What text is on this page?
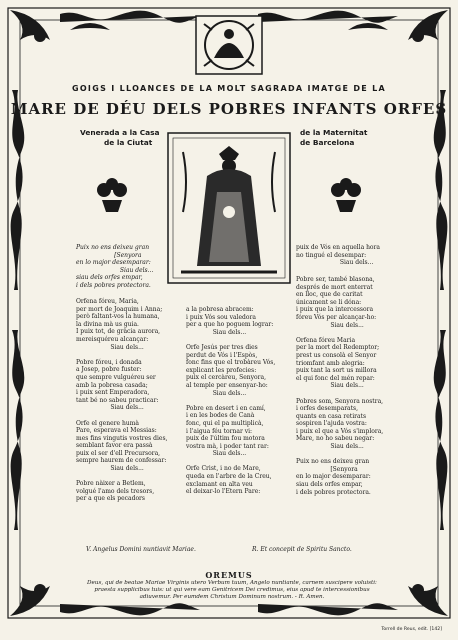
GOIGS I LLOANCES DE LA MOLT SAGRADA IMATGE DE LA
MARE DE DÉU DELS POBRES INFANTS ORFES
Venerada a la Casa
de la Ciutat
de la Maternitat
de Barcelona
Puix no ens deixeu gran
[Senyora
en lo major desemparar:
Siau dels...
siau dels orfes empar,
i dels pobres protectora.
puix de Vós en aquella hora
no tingué el desempar:
Siau dels...
Orfena fóreu, Maria,
per mort de Joaquim i Anna;
però faltant-vos la humana,
la divina mà us guia.
I puix tot, de gràcia aurora,
mereisquéreu alcançar:
Siau dels...

Pobre fóreu, i donada
a Josep, pobre fuster:
que sempre vulguéreu ser
amb la pobresa casada;
i puix sent Emperadora,
tant bé no sabeu practicar:
Siau dels...

Orfe el genere humà
Pare, esperava el Messias:
mes fins vingutis vostres dies,
semblant favor era passà
puix el ser d'ell Precursora,
sempre haurem de confessar:
Siau dels...

Pobre nàixer a Betlem,
volgué l'amo dels tresors,
per a que els pecadors
a la pobresa abracem:
i puix Vós sou valedora
per a que ho poguem lograr:
Siau dels...

Orfe Jesús per tres dies
perdut de Vós i l'Espòs,
fonc fins que el trobàreu Vós,
explicant les profecies:
puix el cercàreu, Senyora,
al temple per ensenyar-ho:
Siau dels...

Pobre en desert i en camí,
i en les bodes de Canà
fonc, qui el pa multiplicà,
i l'aigua féu tornar vi:
puix de l'últim fou motora
vostra mà, i poder tant rar:
Siau dels...

Orfe Crist, i no de Mare,
queda en l'arbre de la Creu,
exclamant en alta veu
el deixar-lo l'Etern Pare:
Pobre ser, també blasona,
després de mort enterrat
en lloc, que de caritat
únicament se li dóna:
i puix que la intercessora
fóreu Vós per alcançar-ho:
Siau dels...

Orfena fóreu Maria
per la mort del Redemptor;
prest us consolà el Senyor
triomfant amb alegria:
puix tant la sort us millora
el qui fonc del mén repar:
Siau dels...

Pobres som, Senyora nostra,
i orfes desemparats,
quants en casa retirats
sospiren l'ajuda vostra:
i puix el que a Vós s'implora,
Mare, no ho sabeu negar:
Siau dels...

Puix no ens deixeu gran
[Senyora
en lo major desemparar:
siau dels orfes empar,
i dels pobres protectora.
V. Angelus Domini nuntiavit Mariae.	R. Et concepit de Spiritu Sancto.
OREMUS
Deus, qui de beatae Mariae Virginis utero Verbum tuum, Angelo nuntiante, carnem suscipere voluisti: praesta supplicibus tuis: ut qui vere eam Genitricem Dei credimus, eius apud te intercessionibus adiuvemur. Per eumdem Christum Dominum nostrum. - R. Amen.
Torrell de Reus, edit. [142]
